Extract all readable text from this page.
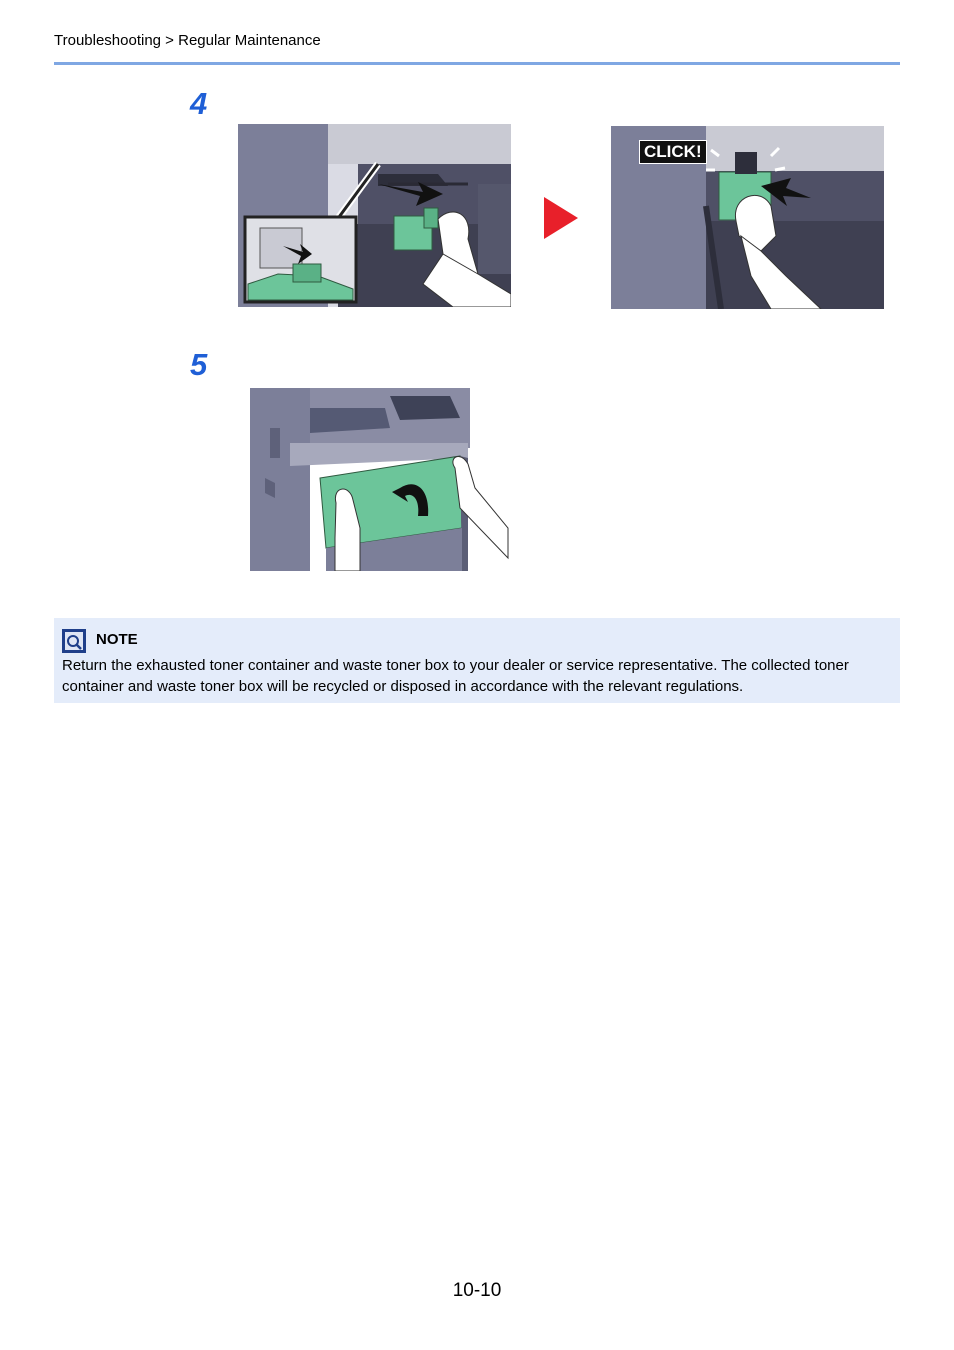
Troubleshooting > Regular Maintenance
4
CLICK!
5
NOTE
Return the exhausted toner container and waste toner box to your dealer or service representative. The collected toner container and waste toner box will be recycled or disposed in accordance with the relevant regulations.
10-10
